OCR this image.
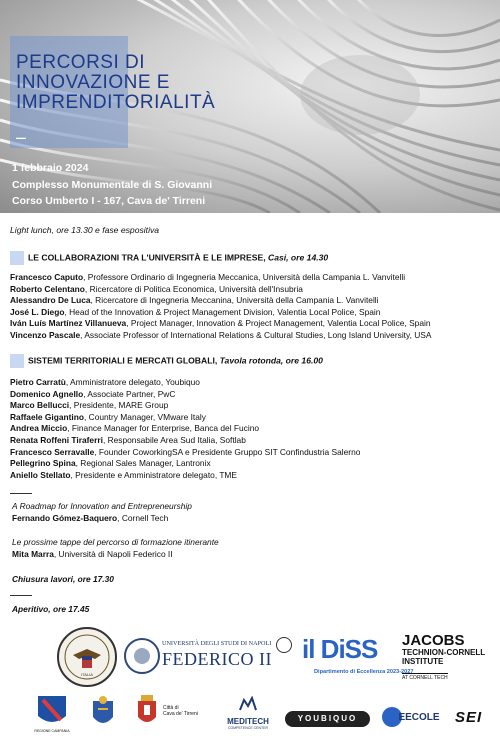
PERCORSI DI
INNOVAZIONE E
IMPRENDITORIALITÀ
–
1 febbraio 2024
Complesso Monumentale di S. Giovanni
Corso Umberto I - 167, Cava de' Tirreni
Light lunch, ore 13.30 e fase espositiva
LE COLLABORAZIONI TRA L'UNIVERSITÀ E LE IMPRESE, Casi, ore 14.30
Francesco Caputo, Professore Ordinario di Ingegneria Meccanica, Università della Campania L. Vanvitelli
Roberto Celentano, Ricercatore di Politica Economica, Università dell'Insubria
Alessandro De Luca, Ricercatore di Ingegneria Meccanina, Università della Campania L. Vanvitelli
José L. Diego, Head of the Innovation & Project Management Division, Valentia Local Police, Spain
Iván Luís Martínez Villanueva, Project Manager, Innovation & Project Management, Valentia Local Police, Spain
Vincenzo Pascale, Associate Professor of International Relations & Cultural Studies, Long Island University, USA
SISTEMI TERRITORIALI E MERCATI GLOBALI, Tavola rotonda, ore 16.00
Pietro Carratù, Amministratore delegato, Youbiquo
Domenico Agnello, Associate Partner, PwC
Marco Bellucci, Presidente, MARE Group
Raffaele Gigantino, Country Manager, VMware Italy
Andrea Miccio, Finance Manager for Enterprise, Banca del Fucino
Renata Roffeni Tiraferri, Responsabile Area Sud Italia, Softlab
Francesco Serravalle, Founder CoworkingSA e Presidente Gruppo SIT Confindustria Salerno
Pellegrino Spina, Regional Sales Manager, Lantronix
Aniello Stellato, Presidente e Amministratore delegato, TME
A Roadmap for Innovation and Entrepreneurship
Fernando Gómez-Baquero, Cornell Tech
Le prossime tappe del percorso di formazione itinerante
Mita Marra, Università di Napoli Federico II
Chiusura lavori, ore 17.30
Aperitivo, ore 17.45
ITALIA
UNIVERSITÀ DEGLI STUDI DI NAPOLI
FEDERICO II il DiSS
Dipartimento di Eccellenza 2023-2027
JACOBS
TECHNION-CORNELL
INSTITUTE
AT CORNELL TECH
REGIONE CAMPANIA
Città di
Cava de' Tirreni
MEDITECH
COMPETENCE CENTER
YOUBIQUO	EECOLE SEI
